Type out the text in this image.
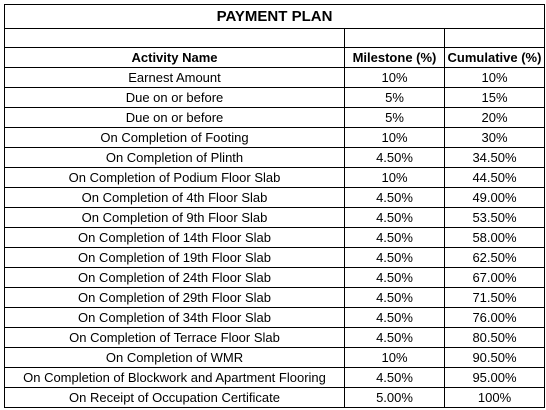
PAYMENT PLAN		

Activity Name	Milestone (%)	Cumulative (%)
Earnest Amount	10%	10%
Due on or before	5%	15%
Due on or before	5%	20%
On Completion of Footing	10%	30%
On Completion of Plinth	4.50%	34.50%
On Completion of Podium Floor Slab	10%	44.50%
On Completion of 4th Floor Slab	4.50%	49.00%
On Completion of 9th Floor Slab	4.50%	53.50%
On Completion of 14th Floor Slab	4.50%	58.00%
On Completion of 19th Floor Slab	4.50%	62.50%
On Completion of 24th Floor Slab	4.50%	67.00%
On Completion of 29th Floor Slab	4.50%	71.50%
On Completion of 34th Floor Slab	4.50%	76.00%
On Completion of Terrace Floor Slab	4.50%	80.50%
On Completion of WMR	10%	90.50%
On Completion of Blockwork and Apartment Flooring	4.50%	95.00%
On Receipt of Occupation Certificate	5.00%	100%
